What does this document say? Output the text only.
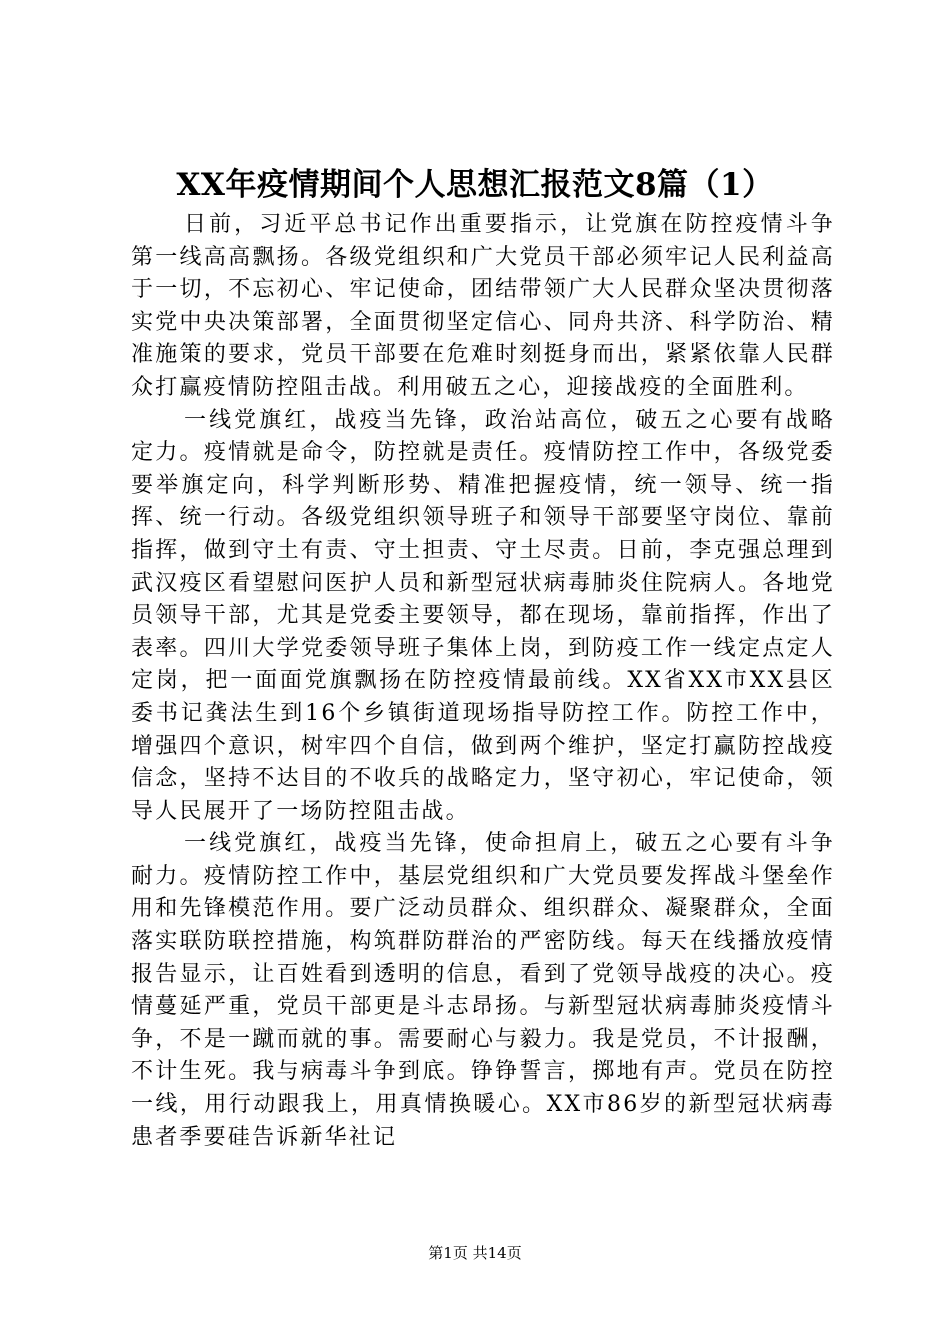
XX年疫情期间个人思想汇报范文8篇（1）

日前，习近平总书记作出重要指示，让党旗在防控疫情斗争第一线高高飘扬。各级党组织和广大党员干部必须牢记人民利益高于一切，不忘初心、牢记使命，团结带领广大人民群众坚决贯彻落实党中央决策部署，全面贯彻坚定信心、同舟共济、科学防治、精准施策的要求，党员干部要在危难时刻挺身而出，紧紧依靠人民群众打赢疫情防控阻击战。利用破五之心，迎接战疫的全面胜利。

一线党旗红，战疫当先锋，政治站高位，破五之心要有战略定力。疫情就是命令，防控就是责任。疫情防控工作中，各级党委要举旗定向，科学判断形势、精准把握疫情，统一领导、统一指挥、统一行动。各级党组织领导班子和领导干部要坚守岗位、靠前指挥，做到守土有责、守土担责、守土尽责。日前，李克强总理到武汉疫区看望慰问医护人员和新型冠状病毒肺炎住院病人。各地党员领导干部，尤其是党委主要领导，都在现场，靠前指挥，作出了表率。四川大学党委领导班子集体上岗，到防疫工作一线定点定人定岗，把一面面党旗飘扬在防控疫情最前线。XX省XX市XX县区委书记龚法生到16个乡镇街道现场指导防控工作。防控工作中，增强四个意识，树牢四个自信，做到两个维护，坚定打赢防控战疫信念，坚持不达目的不收兵的战略定力，坚守初心，牢记使命，领导人民展开了一场防控阻击战。

一线党旗红，战疫当先锋，使命担肩上，破五之心要有斗争耐力。疫情防控工作中，基层党组织和广大党员要发挥战斗堡垒作用和先锋模范作用。要广泛动员群众、组织群众、凝聚群众，全面落实联防联控措施，构筑群防群治的严密防线。每天在线播放疫情报告显示，让百姓看到透明的信息，看到了党领导战疫的决心。疫情蔓延严重，党员干部更是斗志昂扬。与新型冠状病毒肺炎疫情斗争，不是一蹴而就的事。需要耐心与毅力。我是党员，不计报酬，不计生死。我与病毒斗争到底。铮铮誓言，掷地有声。党员在防控一线，用行动跟我上，用真情换暖心。XX市86岁的新型冠状病毒患者季要硅告诉新华社记

第1页 共14页
